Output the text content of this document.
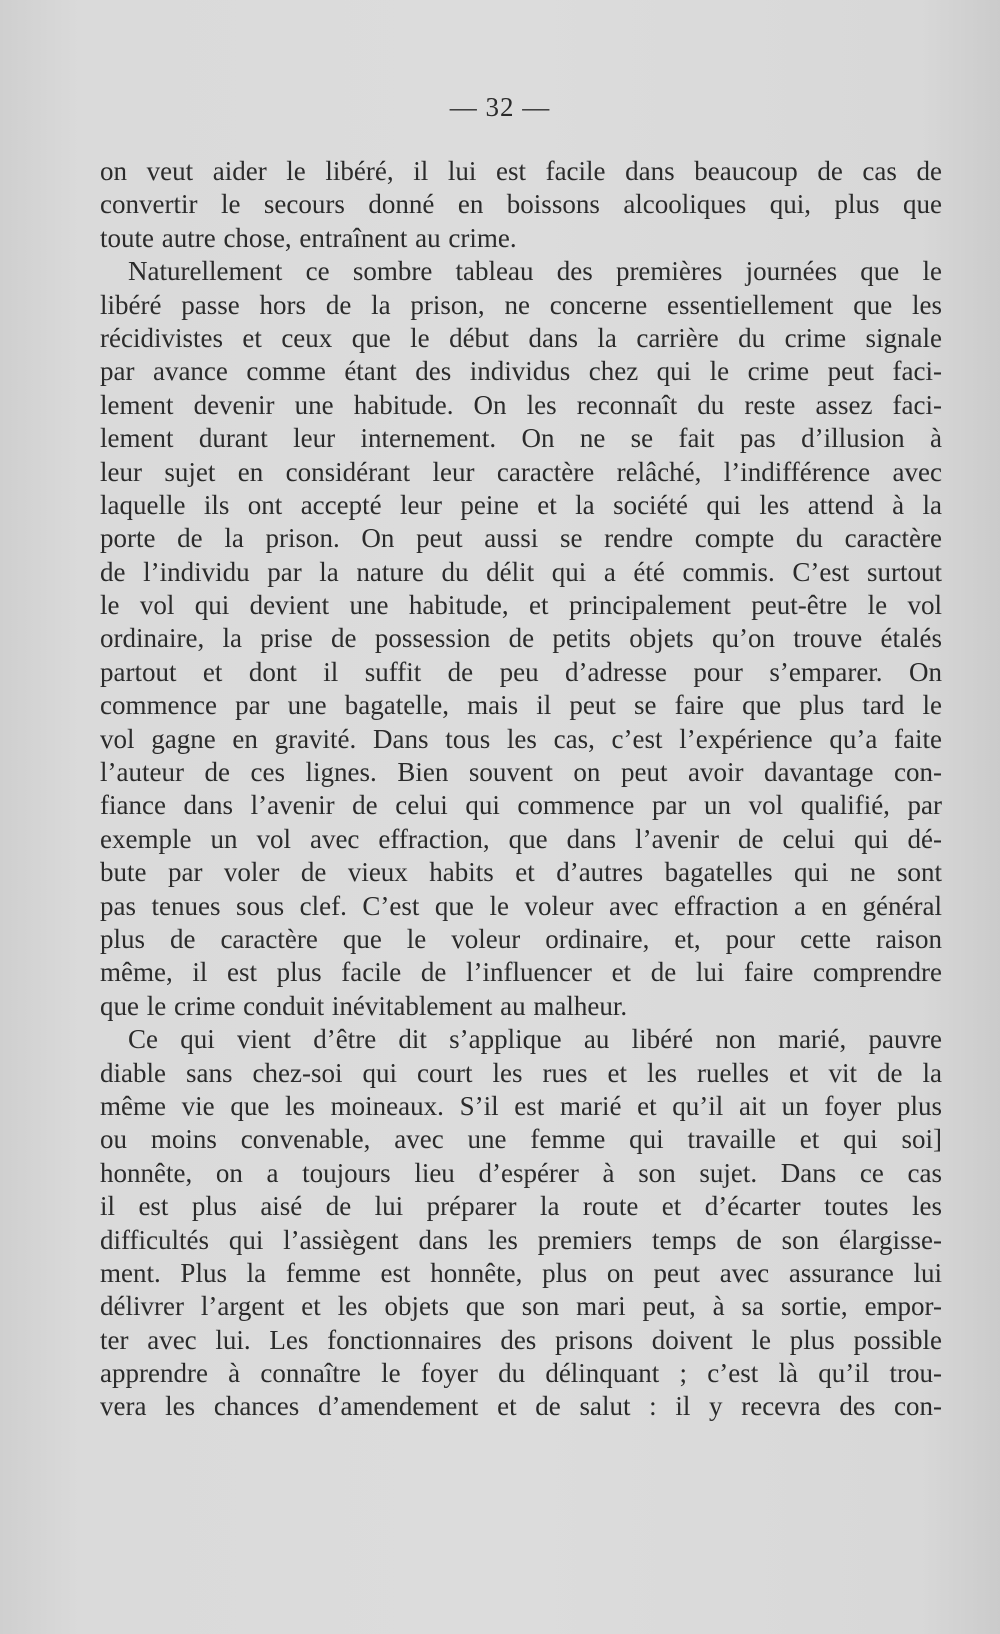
— 32 —
on veut aider le libéré, il lui est facile dans beaucoup de cas de
convertir le secours donné en boissons alcooliques qui, plus que
toute autre chose, entraînent au crime.
Naturellement ce sombre tableau des premières journées que le
libéré passe hors de la prison, ne concerne essentiellement que les
récidivistes et ceux que le début dans la carrière du crime signale
par avance comme étant des individus chez qui le crime peut faci-
lement devenir une habitude. On les reconnaît du reste assez faci-
lement durant leur internement. On ne se fait pas d’illusion à
leur sujet en considérant leur caractère relâché, l’indifférence avec
laquelle ils ont accepté leur peine et la société qui les attend à la
porte de la prison. On peut aussi se rendre compte du caractère
de l’individu par la nature du délit qui a été commis. C’est surtout
le vol qui devient une habitude, et principalement peut-être le vol
ordinaire, la prise de possession de petits objets qu’on trouve étalés
partout et dont il suffit de peu d’adresse pour s’emparer. On
commence par une bagatelle, mais il peut se faire que plus tard le
vol gagne en gravité. Dans tous les cas, c’est l’expérience qu’a faite
l’auteur de ces lignes. Bien souvent on peut avoir davantage con-
fiance dans l’avenir de celui qui commence par un vol qualifié, par
exemple un vol avec effraction, que dans l’avenir de celui qui dé-
bute par voler de vieux habits et d’autres bagatelles qui ne sont
pas tenues sous clef. C’est que le voleur avec effraction a en général
plus de caractère que le voleur ordinaire, et, pour cette raison
même, il est plus facile de l’influencer et de lui faire comprendre
que le crime conduit inévitablement au malheur.
Ce qui vient d’être dit s’applique au libéré non marié, pauvre
diable sans chez-soi qui court les rues et les ruelles et vit de la
même vie que les moineaux. S’il est marié et qu’il ait un foyer plus
ou moins convenable, avec une femme qui travaille et qui soi]
honnête, on a toujours lieu d’espérer à son sujet. Dans ce cas
il est plus aisé de lui préparer la route et d’écarter toutes les
difficultés qui l’assiègent dans les premiers temps de son élargisse-
ment. Plus la femme est honnête, plus on peut avec assurance lui
délivrer l’argent et les objets que son mari peut, à sa sortie, empor-
ter avec lui. Les fonctionnaires des prisons doivent le plus possible
apprendre à connaître le foyer du délinquant ; c’est là qu’il trou-
vera les chances d’amendement et de salut : il y recevra des con-
